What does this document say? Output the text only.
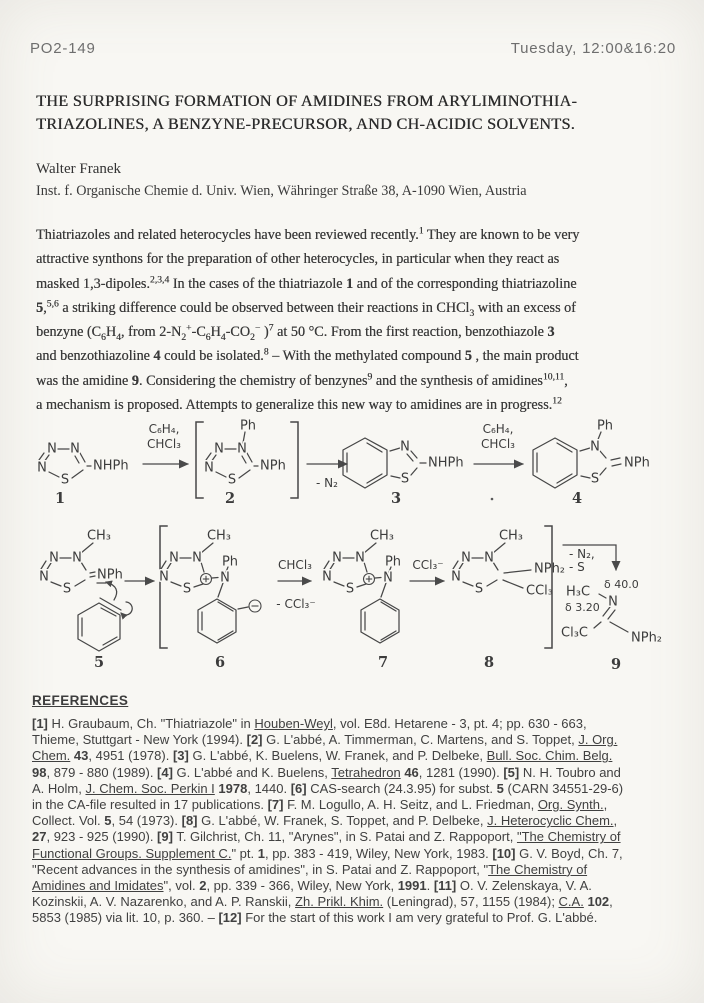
PO2-149	Tuesday, 12:00&16:20
THE SURPRISING FORMATION OF AMIDINES FROM ARYLIMINOTHIA-
TRIAZOLINES, A BENZYNE-PRECURSOR, AND CH-ACIDIC SOLVENTS.
Walter Franek
Inst. f. Organische Chemie d. Univ. Wien, Währinger Straße 38, A-1090 Wien, Austria
Thiatriazoles and related heterocycles have been reviewed recently.$^1$ They are known to be very
attractive synthons for the preparation of other heterocycles, in particular when they react as
masked 1,3-dipoles.$^{2,3,4}$ In the cases of the thiatriazole 1 and of the corresponding thiatriazoline
5,$^{5,6}$ a striking difference could be observed between their reactions in CHCl$_3$ with an excess of
benzyne ($C_6H_4$, from $2-N_2^+-C_6H_4-CO_2^-$ )$^7$ at 50 °C. From the first reaction, benzothiazole 3
and benzothiazoline 4 could be isolated.$^8$ – With the methylated compound 5 , the main product
was the amidine 9. Considering the chemistry of benzynes$^9$ and the synthesis of amidines$^{10,11}$,
a mechanism is proposed. Attempts to generalize this new way to amidines are in progress.$^{12}$
N N
N
S
NHPh
1
C₆H₄,
CHCl₃
Ph
N N
N
S
NPh
2
- N₂
N
S
NHPh
3
C₆H₄,
CHCl₃
Ph
N
S
NPh
4
CH₃
N N
N
S
NPh
5
CH₃
N N
N
S
Ph
N
6
CHCl₃
- CCl₃⁻
CH₃
N N
N
S
Ph
N
7
CCl₃⁻
CH₃
N N
N
S
NPh₂
CCl₃
8
- N₂,
- S
H₃C δ 40.0
N
δ 3.20
Cl₃C	NPh₂
9
REFERENCES
[1] H. Graubaum, Ch. "Thiatriazole" in Houben-Weyl, vol. E8d. Hetarene - 3, pt. 4; pp. 630 - 663,
Thieme, Stuttgart - New York (1994). [2] G. L'abbé, A. Timmerman, C. Martens, and S. Toppet, J. Org.
Chem. 43, 4951 (1978). [3] G. L'abbé, K. Buelens, W. Franek, and P. Delbeke, Bull. Soc. Chim. Belg.
98, 879 - 880 (1989). [4] G. L'abbé and K. Buelens, Tetrahedron 46, 1281 (1990). [5] N. H. Toubro and
A. Holm, J. Chem. Soc. Perkin I 1978, 1440. [6] CAS-search (24.3.95) for subst. 5 (CARN 34551-29-6)
in the CA-file resulted in 17 publications. [7] F. M. Logullo, A. H. Seitz, and L. Friedman, Org. Synth.,
Collect. Vol. 5, 54 (1973). [8] G. L'abbé, W. Franek, S. Toppet, and P. Delbeke, J. Heterocyclic Chem.,
27, 923 - 925 (1990). [9] T. Gilchrist, Ch. 11, "Arynes", in S. Patai and Z. Rappoport, "The Chemistry of
Functional Groups. Supplement C." pt. 1, pp. 383 - 419, Wiley, New York, 1983. [10] G. V. Boyd, Ch. 7,
"Recent advances in the synthesis of amidines", in S. Patai and Z. Rappoport, "The Chemistry of
Amidines and Imidates", vol. 2, pp. 339 - 366, Wiley, New York, 1991. [11] O. V. Zelenskaya, V. A.
Kozinskii, A. V. Nazarenko, and A. P. Ranskii, Zh. Prikl. Khim. (Leningrad), 57, 1155 (1984); C.A. 102,
5853 (1985) via lit. 10, p. 360. – [12] For the start of this work I am very grateful to Prof. G. L'abbé.
